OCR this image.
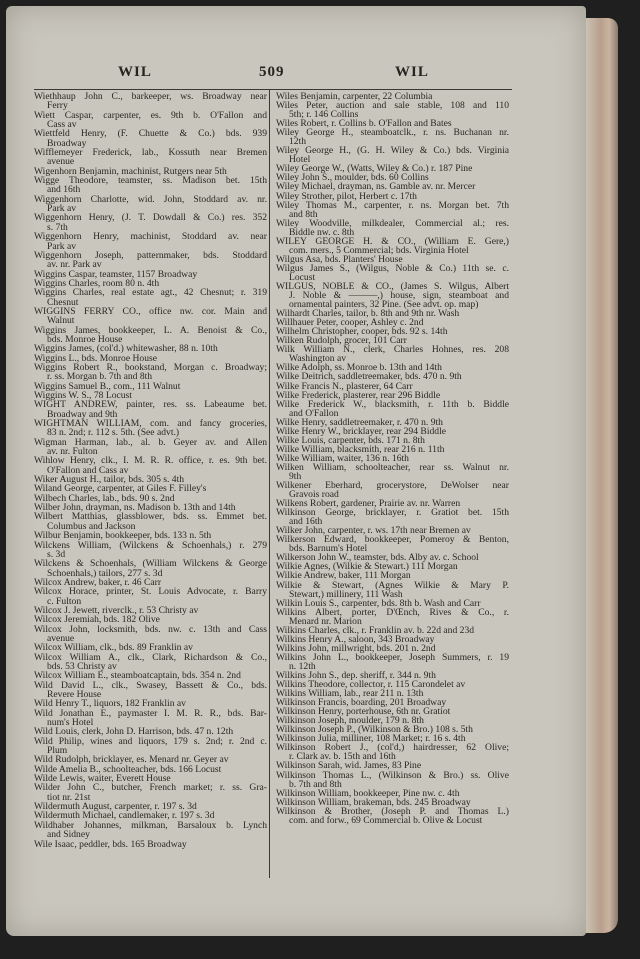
WIL	509	WIL
Wiethhaup John C., barkeeper, ws. Broadway near
Ferry
Wiett Caspar, carpenter, es. 9th b. O'Fallon and
Cass av
Wiettfeld Henry, (F. Chuette & Co.) bds. 939
Broadway
Wifflemeyer Frederick, lab., Kossuth near Bremen
avenue
Wigenhorn Benjamin, machinist, Rutgers near 5th
Wigge Theodore, teamster, ss. Madison bet. 15th
and 16th
Wiggenhorn Charlotte, wid. John, Stoddard av. nr.
Park av
Wiggenhorn Henry, (J. T. Dowdall & Co.) res. 352
s. 7th
Wiggenhorn Henry, machinist, Stoddard av. near
Park av
Wiggenhorn Joseph, patternmaker, bds. Stoddard
av. nr. Park av
Wiggins Caspar, teamster, 1157 Broadway
Wiggins Charles, room 80 n. 4th
Wiggins Charles, real estate agt., 42 Chesnut; r. 319
Chesnut
WIGGINS FERRY CO., office nw. cor. Main and
Walnut
Wiggins James, bookkeeper, L. A. Benoist & Co.,
bds. Monroe House
Wiggins James, (col'd.) whitewasher, 88 n. 10th
Wiggins L., bds. Monroe House
Wiggins Robert R., bookstand, Morgan c. Broadway;
r. ss. Morgan b. 7th and 8th
Wiggins Samuel B., com., 111 Walnut
Wiggins W. S., 78 Locust
WIGHT ANDREW, painter, res. ss. Labeaume bet.
Broadway and 9th
WIGHTMAN WILLIAM, com. and fancy groceries,
83 n. 2nd; r. 112 s. 5th. (See advt.)
Wigman Harman, lab., al. b. Geyer av. and Allen
av. nr. Fulton
Wihlow Henry, clk., I. M. R. R. office, r. es. 9th bet.
O'Fallon and Cass av
Wiker August H., tailor, bds. 305 s. 4th
Wiland George, carpenter, at Giles F. Filley's
Wilbech Charles, lab., bds. 90 s. 2nd
Wilber John, drayman, ns. Madison b. 13th and 14th
Wilbert Matthias, glassblower, bds. ss. Emmet bet.
Columbus and Jackson
Wilbur Benjamin, bookkeeper, bds. 133 n. 5th
Wilckens William, (Wilckens & Schoenhals,) r. 279
s. 3d
Wilckens & Schoenhals, (William Wilckens & George
Schoenhals,) tailors, 277 s. 3d
Wilcox Andrew, baker, r. 46 Carr
Wilcox Horace, printer, St. Louis Advocate, r. Barry
c. Fulton
Wilcox J. Jewett, riverclk., r. 53 Christy av
Wilcox Jeremiah, bds. 182 Olive
Wilcox John, locksmith, bds. nw. c. 13th and Cass
avenue
Wilcox William, clk., bds. 89 Franklin av
Wilcox William A., clk., Clark, Richardson & Co.,
bds. 53 Christy av
Wilcox William E., steamboatcaptain, bds. 354 n. 2nd
Wild David L., clk., Swasey, Bassett & Co., bds.
Revere House
Wild Henry T., liquors, 182 Franklin av
Wild Jonathan E., paymaster I. M. R. R., bds. Bar-
num's Hotel
Wild Louis, clerk, John D. Harrison, bds. 47 n. 12th
Wild Philip, wines and liquors, 179 s. 2nd; r. 2nd c.
Plum
Wild Rudolph, bricklayer, es. Menard nr. Geyer av
Wilde Amelia B., schoolteacher, bds. 166 Locust
Wilde Lewis, waiter, Everett House
Wilder John C., butcher, French market; r. ss. Gra-
tiot nr. 21st
Wildermuth August, carpenter, r. 197 s. 3d
Wildermuth Michael, candlemaker, r. 197 s. 3d
Wildhaber Johannes, milkman, Barsaloux b. Lynch
and Sidney
Wile Isaac, peddler, bds. 165 Broadway
Wiles Benjamin, carpenter, 22 Columbia
Wiles Peter, auction and sale stable, 108 and 110
5th; r. 146 Collins
Wiles Robert, r. Collins b. O'Fallon and Bates
Wiley George H., steamboatclk., r. ns. Buchanan nr.
12th
Wiley George H., (G. H. Wiley & Co.) bds. Virginia
Hotel
Wiley George W., (Watts, Wiley & Co.) r. 187 Pine
Wiley John S., moulder, bds. 60 Collins
Wiley Michael, drayman, ns. Gamble av. nr. Mercer
Wiley Strother, pilot, Herbert c. 17th
Wiley Thomas M., carpenter, r. ns. Morgan bet. 7th
and 8th
Wiley Woodville, milkdealer, Commercial al.; res.
Biddle nw. c. 8th
WILEY GEORGE H. & CO., (William E. Gere,)
com. mers., 5 Commercial; bds. Virginia Hotel
Wilgus Asa, bds. Planters' House
Wilgus James S., (Wilgus, Noble & Co.) 11th se. c.
Locust
WILGUS, NOBLE & CO., (James S. Wilgus, Albert
J. Noble & ———,) house, sign, steamboat and
ornamental painters, 32 Pine. (See advt. op. map)
Wilhardt Charles, tailor, b. 8th and 9th nr. Wash
Willhauer Peter, cooper, Ashley c. 2nd
Wilhelm Christopher, cooper, bds. 92 s. 14th
Wilken Rudolph, grocer, 101 Carr
Wilk William N., clerk, Charles Hohnes, res. 208
Washington av
Wilke Adolph, ss. Monroe b. 13th and 14th
Wilke Deitrich, saddletreemaker, bds. 470 n. 9th
Wilke Francis N., plasterer, 64 Carr
Wilke Frederick, plasterer, rear 296 Biddle
Wilke Frederick W., blacksmith, r. 11th b. Biddle
and O'Fallon
Wilke Henry, saddletreemaker, r. 470 n. 9th
Wilke Henry W., bricklayer, rear 294 Biddle
Wilke Louis, carpenter, bds. 171 n. 8th
Wilke William, blacksmith, rear 216 n. 11th
Wilke William, waiter, 136 n. 16th
Wilken William, schoolteacher, rear ss. Walnut nr.
9th
Wilkener Eberhard, grocerystore, DeWolser near
Gravois road
Wilkens Robert, gardener, Prairie av. nr. Warren
Wilkinson George, bricklayer, r. Gratiot bet. 15th
and 16th
Wilker John, carpenter, r. ws. 17th near Bremen av
Wilkerson Edward, bookkeeper, Pomeroy & Benton,
bds. Barnum's Hotel
Wilkerson John W., teamster, bds. Alby av. c. School
Wilkie Agnes, (Wilkie & Stewart.) 111 Morgan
Wilkie Andrew, baker, 111 Morgan
Wilkie & Stewart, (Agnes Wilkie & Mary P.
Stewart,) millinery, 111 Wash
Wilkin Louis S., carpenter, bds. 8th b. Wash and Carr
Wilkins Albert, porter, D'Œnch, Rives & Co., r.
Menard nr. Marion
Wilkins Charles, clk., r. Franklin av. b. 22d and 23d
Wilkins Henry A., saloon, 343 Broadway
Wilkins John, millwright, bds. 201 n. 2nd
Wilkins John L., bookkeeper, Joseph Summers, r. 19
n. 12th
Wilkins John S., dep. sheriff, r. 344 n. 9th
Wilkins Theodore, collector, r. 115 Carondelet av
Wilkins William, lab., rear 211 n. 13th
Wilkinson Francis, boarding, 201 Broadway
Wilkinson Henry, porterhouse, 6th nr. Gratiot
Wilkinson Joseph, moulder, 179 n. 8th
Wilkinson Joseph P., (Wilkinson & Bro.) 108 s. 5th
Wilkinson Julia, milliner, 108 Market; r. 16 s. 4th
Wilkinson Robert J., (col'd,) hairdresser, 62 Olive;
r. Clark av. b. 15th and 16th
Wilkinson Sarah, wid. James, 83 Pine
Wilkinson Thomas L., (Wilkinson & Bro.) ss. Olive
b. 7th and 8th
Wilkinson William, bookkeeper, Pine nw. c. 4th
Wilkinson William, brakeman, bds. 245 Broadway
Wilkinson & Brother, (Joseph P. and Thomas L.)
com. and forw., 69 Commercial b. Olive & Locust
